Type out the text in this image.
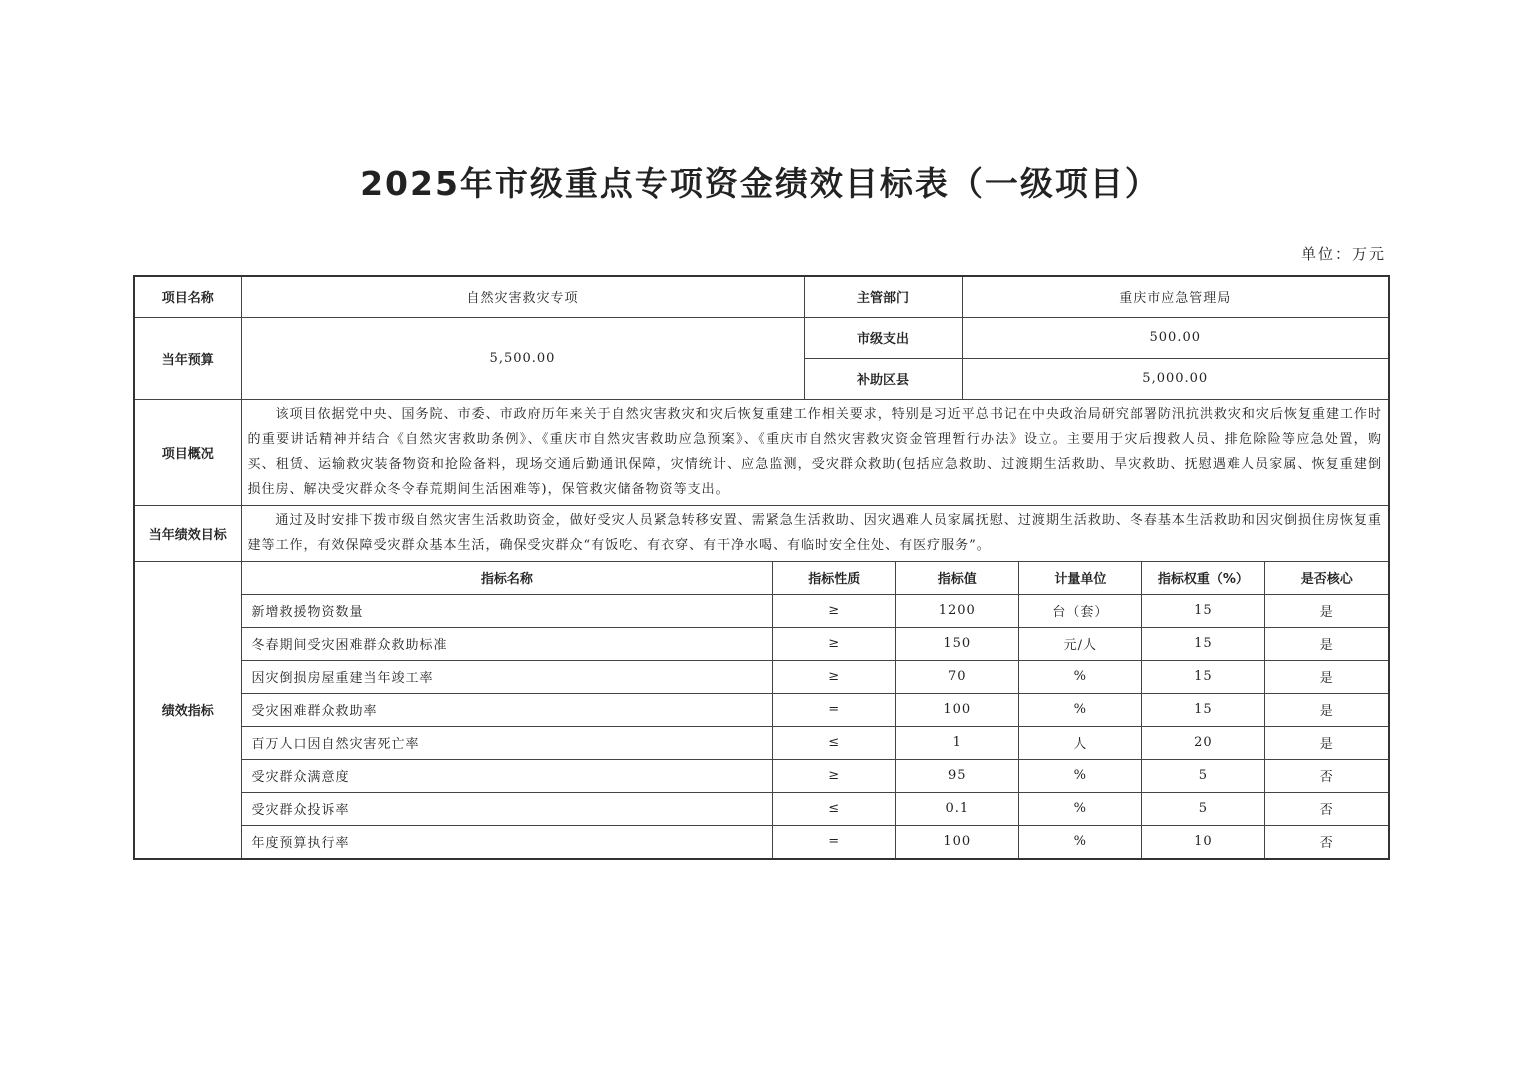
2025年市级重点专项资金绩效目标表（一级项目）
单位：万元
项目名称	自然灾害救灾专项	主管部门	重庆市应急管理局
当年预算	5,500.00	市级支出	500.00
补助区县	5,000.00
项目概况	该项目依据党中央、国务院、市委、市政府历年来关于自然灾害救灾和灾后恢复重建工作相关要求，特别是习近平总书记在中央政治局研究部署防汛抗洪救灾和灾后恢复重建工作时的重要讲话精神并结合《自然灾害救助条例》、《重庆市自然灾害救助应急预案》、《重庆市自然灾害救灾资金管理暂行办法》设立。主要用于灾后搜救人员、排危除险等应急处置，购买、租赁、运输救灾装备物资和抢险备料，现场交通后勤通讯保障，灾情统计、应急监测，受灾群众救助(包括应急救助、过渡期生活救助、旱灾救助、抚慰遇难人员家属、恢复重建倒损住房、解决受灾群众冬令春荒期间生活困难等)，保管救灾储备物资等支出。
当年绩效目标	通过及时安排下拨市级自然灾害生活救助资金，做好受灾人员紧急转移安置、需紧急生活救助、因灾遇难人员家属抚慰、过渡期生活救助、冬春基本生活救助和因灾倒损住房恢复重建等工作，有效保障受灾群众基本生活，确保受灾群众“有饭吃、有衣穿、有干净水喝、有临时安全住处、有医疗服务”。
绩效指标	
指标名称	指标性质	指标值	计量单位	指标权重（%）	是否核心
新增救援物资数量	≥	1200	台（套）	15	是
冬春期间受灾困难群众救助标准	≥	150	元/人	15	是
因灾倒损房屋重建当年竣工率	≥	70	%	15	是
受灾困难群众救助率	=	100	%	15	是
百万人口因自然灾害死亡率	≤	1	人	20	是
受灾群众满意度	≥	95	%	5	否
受灾群众投诉率	≤	0.1	%	5	否
年度预算执行率	=	100	%	10	否
